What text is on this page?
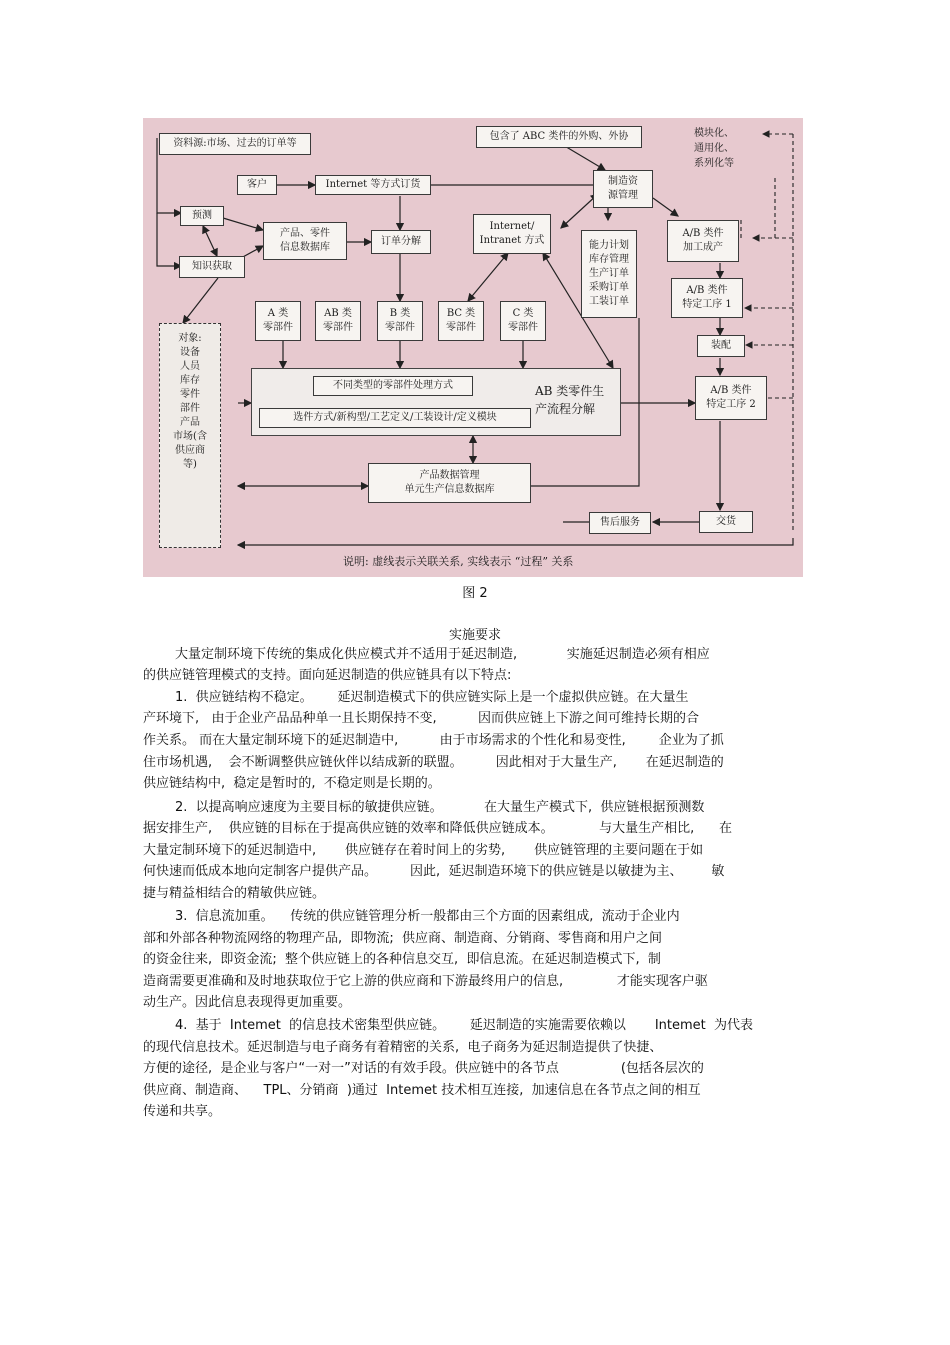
资料源:市场、过去的订单等
包含了 ABC 类件的外购、外协	模块化、
通用化、
系列化等
客户	Internet 等方式订货	制造资
源管理
预测
产品、零件
信息数据库
订单分解
Internet/
Intranet 方式	能力计划
库存管理
生产订单
采购订单
工装订单
A/B 类件
加工成产
知识获取
A 类
零部件
AB 类
零部件
B 类
零部件
BC 类
零部件
C 类
零部件
A/B 类件
特定工序 1
装配
对象:
设备
人员
库存
零件
部件
产品
市场(含
供应商
等)
不同类型的零部件处理方式
选件方式/新构型/工艺定义/工装设计/定义模块
AB 类零件生
产流程分解
A/B 类件
特定工序 2
产品数据管理
单元生产信息数据库
售后服务	交货
说明: 虚线表示关联关系, 实线表示 “过程” 关系
图 2
实施要求
大量定制环境下传统的集成化供应模式并不适用于延迟制造,            实施延迟制造必须有相应
的供应链管理模式的支持。面向延迟制造的供应链具有以下特点:
1.  供应链结构不稳定。      延迟制造模式下的供应链实际上是一个虚拟供应链。在大量生
产环境下,   由于企业产品品种单一且长期保持不变,          因而供应链上下游之间可维持长期的合
作关系。 而在大量定制环境下的延迟制造中,          由于市场需求的个性化和易变性,        企业为了抓
住市场机遇,    会不断调整供应链伙伴以结成新的联盟。        因此相对于大量生产,       在延迟制造的
供应链结构中,  稳定是暂时的,  不稳定则是长期的。
2.  以提高响应速度为主要目标的敏捷供应链。          在大量生产模式下,  供应链根据预测数
据安排生产,    供应链的目标在于提高供应链的效率和降低供应链成本。           与大量生产相比,      在
大量定制环境下的延迟制造中,       供应链存在着时间上的劣势,       供应链管理的主要问题在于如
何快速而低成本地向定制客户提供产品。        因此,  延迟制造环境下的供应链是以敏捷为主、       敏
捷与精益相结合的精敏供应链。
3.  信息流加重。    传统的供应链管理分析一般都由三个方面的因素组成,  流动于企业内
部和外部各种物流网络的物理产品,  即物流;  供应商、制造商、分销商、零售商和用户之间
的资金往来,  即资金流;  整个供应链上的各种信息交互,  即信息流。在延迟制造模式下,  制
造商需要更准确和及时地获取位于它上游的供应商和下游最终用户的信息,             才能实现客户驱
动生产。因此信息表现得更加重要。
4.  基于  Intemet  的信息技术密集型供应链。      延迟制造的实施需要依赖以       Intemet  为代表
的现代信息技术。延迟制造与电子商务有着精密的关系,  电子商务为延迟制造提供了快捷、
方便的途径,  是企业与客户“一对一”对话的有效手段。供应链中的各节点               (包括各层次的
供应商、制造商、    TPL、分销商  )通过  Intemet 技术相互连接,  加速信息在各节点之间的相互
传递和共享。
